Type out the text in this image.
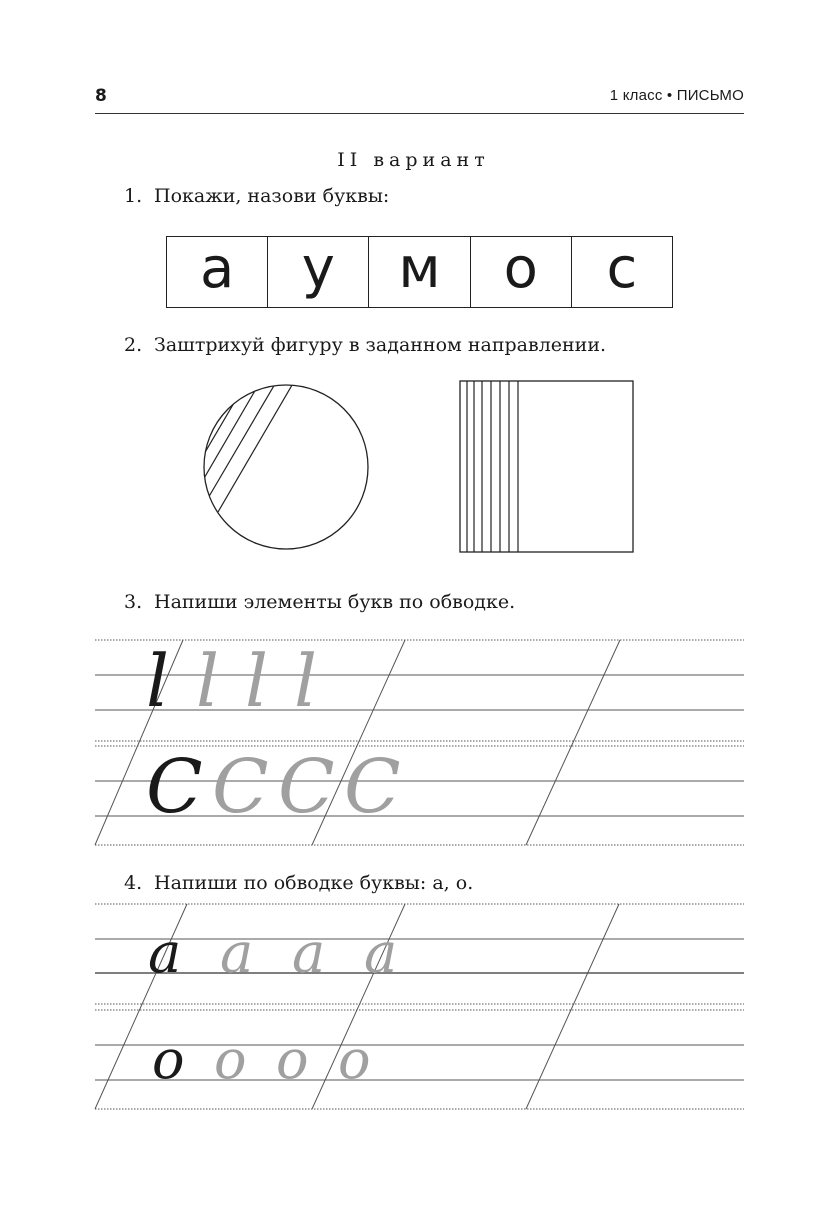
8	1 класс • ПИСЬМО
II вариант
1. Покажи, назови буквы:
а	у	м	о	с
2. Заштрихуй фигуру в заданном направлении.
3. Напиши элементы букв по обводке.
l l l l
C C C C
4. Напиши по обводке буквы: а, о.
a a a a
o o o o
